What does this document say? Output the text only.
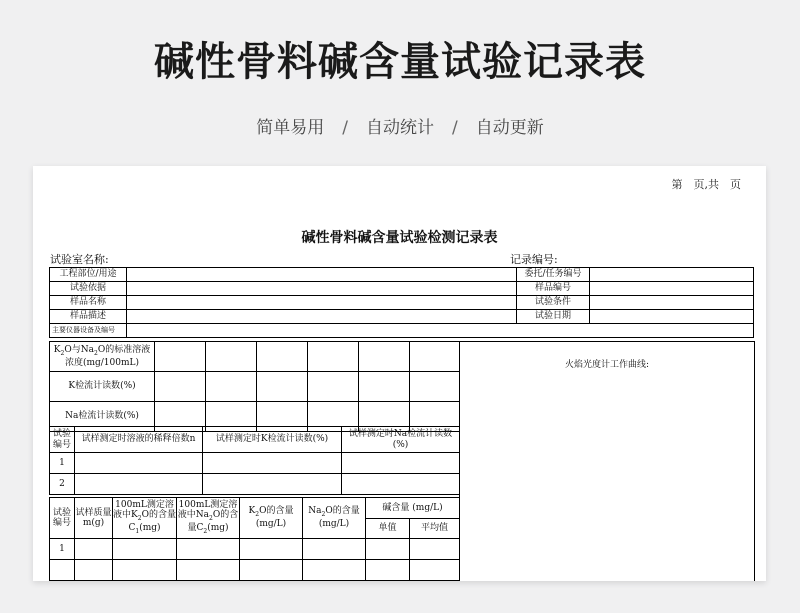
碱性骨料碱含量试验记录表
简单易用 / 自动统计 / 自动更新
第　页,共　页
碱性骨料碱含量试验检测记录表
试验室名称:	记录编号:
工程部位/用途		委托/任务编号	
试验依据		样品编号	
样品名称		试验条件	
样品描述		试验日期	
主要仪器设备及编号			
$K_2O$与$Na_2O$的标准溶液浓度(mg/100mL)						
K检流计读数(%)						
Na检流计读数(%)						
火焰光度计工作曲线:
试验编号	试样测定时溶液的稀释倍数n	试样测定时K检流计读数(%)	试样测定时Na检流计读数(%)
1			
2			
试验编号	试样质量m(g)	100mL测定溶液中$K_2O$的含量$C_1(mg)$	100mL测定溶液中$Na_2O$的含量$C_2(mg)$	$K_2O$的含量(mg/L)	$Na_2O$的含量(mg/L)	碱含量 (mg/L)	
						单值	平均值
1							
